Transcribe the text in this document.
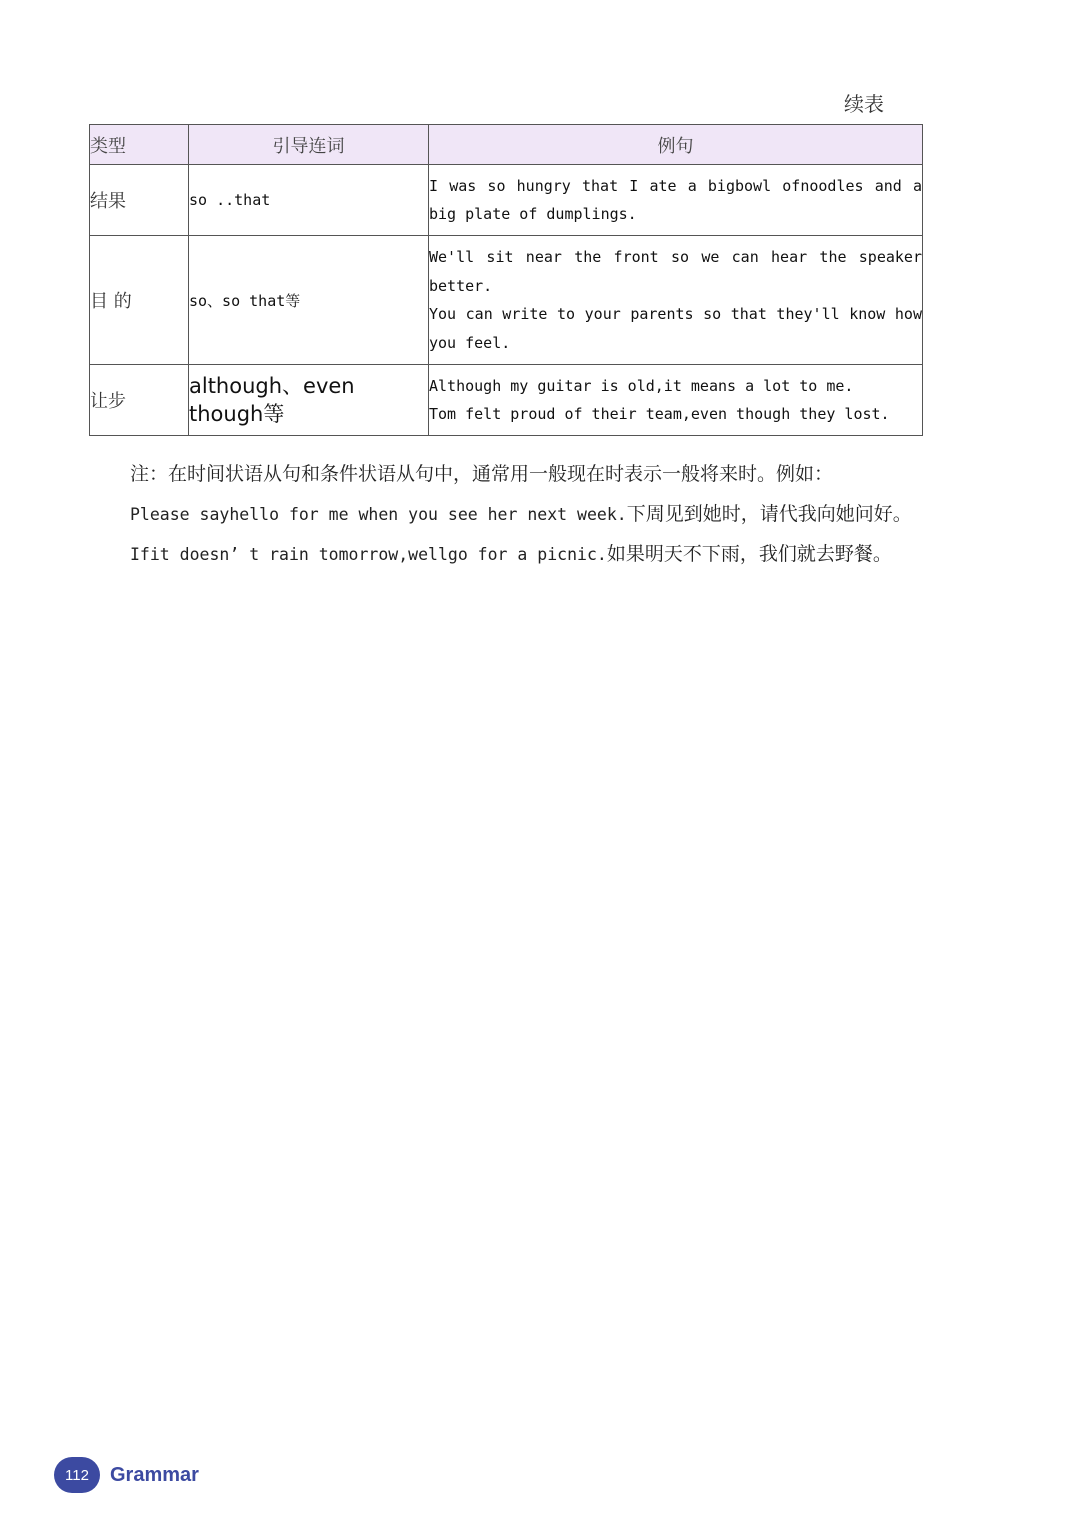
续表
类型	引导连词	例句
结果	so ..that	I was so hungry that I ate a bigbowl ofnoodles and a big plate of dumplings.

目 的	so、so that等	We'll sit near the front so we can hear the speaker better.
You can write to your parents so that they'll know how you feel.

让步	although、even though等	Although my guitar is old,it means a lot to me.
Tom felt proud of their team,even though they lost.
注：在时间状语从句和条件状语从句中，通常用一般现在时表示一般将来时。例如：
Please sayhello for me when you see her next week.下周见到她时，请代我向她问好。
Ifit doesn’ t rain tomorrow,wellgo for a picnic.如果明天不下雨，我们就去野餐。
112	Grammar
